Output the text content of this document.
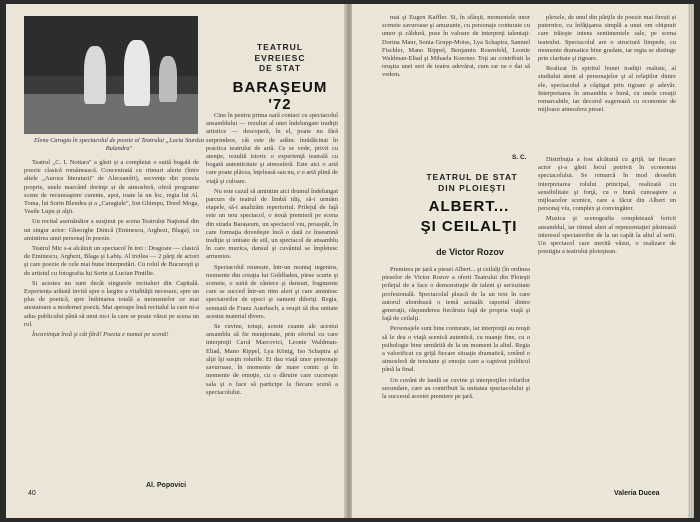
Elena Caragiu în spectacolul de poezie al Teatrului „Lucia Sturdza Bulandra"
TEATRUL
EVREIESC
DE STAT
BARAŞEUM '72

Teatrul „C. I. Nottara" a găsit și a completat o suită bogată de poezie clasică românească. Concentrată cu ritmuri alerte (între altele „Aurora literaturii" de Alecsandri), secvențe din poezia proprie, unele marcând dorinţe și de atmosferă, oferă programe scene de recunoaştere curente, apoi, toate la un loc, regia lui Al. Toma, lui Sorin Blendea și a „Caragiale", Ion Ghimpu, Dorel Moga, Vasile Lupu și alţii.

Un recital asemănător a susţinut pe scena Teatrului Naţional din un singur actor: Gheorghe Dinică (Eminescu, Arghezi, Blaga), cu amintirea unui personaj în poezie.

Teatrul Mic s-a alcătuit un spectacol în trei : Dragoste — clasică de Eminescu, Arghezi, Blaga şi Labiș. Al treilea — 2 părţi de actori şi care poezie de cele mai bune interpretări. Cu rolul de Bucureşti şi de artistul cu fotografia lui Sorin și Lucian Pintilie.

Si acestea nu sunt decât singurele recitaluri din Capitală. Experiența arătată invită spre o largire a vitalităţii necesare, spre un plus de poetică, spre îmbinarea totală a momentelor ce mai atestatoare a modernei poezii. Mai aproape însă recitalul la care ni-a adus publicului până să unui nu-i la care se poate văzut pe scena un rol.

Încuviinţat însă şi cât fără! Poezia e numai pe scenă!

Al. Popovici

Cine în pentru prima oară contact cu spectacolul ansamblului — rezultat al unei îndelungate tradiţii artistice — descoperă, în el, poate nu fără surprindere, cât este de adânc înrădăcinat în practica teatrului de artă. Ce se vede, privit cu atenţie, rezultă istoric o experienţă teatrală cu bogată autenticitate şi atmosferă. Este aici o artă care poate plăcea, înţeleasă sau nu, e o artă plină de viaţă şi culoare.

Nu este cazul să amintim aici drumul îndelungat parcurs de teatrul de limbă idiş, să-i urmăm etapele, să-i analizăm repertoriul. Prilejul de faţă este un nou spectacol, o nouă premieră pe scena din strada Barașeum, un spectacol viu, proaspăt, în care formaţia dovedeşte încă o dată ce înseamnă tradiţie și unitate de stil, un spectacol de ansamblu în care muzica, dansul şi cuvântul se împletesc armonios.

Spectacolul reunește, într-un montaj ingenios, momente din creaţia lui Goldfaden, piese scurte şi scenete, o suită de cântece şi dansuri, fragmente care se succed într-un ritm alert şi care amintesc spectatorilor de epoci şi oameni diferiţi. Regia, semnată de Franz Auerbach, a reuşit să dea unitate acestui material divers.

Se cuvine, totuşi, aceste cuante ale acestui ansamblu să fie menţionate, prin efortul cu care interpreţii Carol Marcovici, Leonie Waldman-Eliad, Mano Rippel, Lya König, Iso Schapira şi alţii îşi susţin rolurile. Ei dau viaţă unor personaje savuroase, în momente de mare comic şi în momente de emoţie, cu o dăruire care cucereşte sala şi o face să participe la fiecare scenă a spectacolului.

40

mai şi Eugen Kaffler. Si, în sfârşit, momentele unor scenete savuroase şi amuzante, cu personaje conturate cu umor şi căldură, puse în valoare de interpreţi talentaţi: Dorina Maur, Sonia Grupp-Moiss, Lya Schapira, Samuel Fischler, Mano Rippel, Benjamin Rosenfeld, Leonie Waldman-Eliad şi Mihaela Koerner. Toţi au contribuit la reuşita unei seri de teatru adevărat, cum rar ne e dat să vedem.

S. C.
TEATRUL DE STAT
DIN PLOIEŞTI
ALBERT...
ŞI CEILALŢI
de Victor Rozov

Premiera pe țară a piesei Albert... şi ceilalţi (în ordinea pieselor de Victor Rozov a oferit Teatrului din Ploieşti prilejul de a face o demonstraţie de talent şi seriozitate profesională. Spectacolul pleacă de la un text în care autorul abordează o temă actuală: raportul dintre generaţii, răspunderea fiecăruia faţă de propria viaţă şi faţă de ceilalţi.

Personajele sunt bine conturate, iar interpreţii au reuşit să le dea o viaţă scenică autentică, cu nuanţe fine, cu o psihologie bine urmărită de la un moment la altul. Regia a valorificat cu grijă fiecare situaţie dramatică, creând o atmosferă de tensiune şi emoţie care a captivat publicul până la final.

Un cuvânt de laudă se cuvine şi interpreţilor rolurilor secundare, care au contribuit la unitatea spectacolului şi la succesul acestei premiere pe ţară.

plexele, de unul din părţile de poezie mai firești și puternice, cu înfăţişarea simplă a unui om obişnuit care trăieşte intens sentimentele sale, pe scena teatrului. Spectacolul are o structură limpede, cu momente dramatice bine gradate, iar regia se distinge prin claritate şi rigoare.

Realizat în spiritul bunei tradiţii realiste, al studiului atent al personajelor şi al relaţiilor dintre ele, spectacolul a câştigat prin rigoare şi adevăr. Interpretarea în ansamblu e bună, cu unele creaţii remarcabile, iar decorul sugerează cu economie de mijloace atmosfera piesei.

Distribuţia a fost alcătuită cu grijă, iar fiecare actor şi-a găsit locul potrivit în economia spectacolului. Se remarcă în mod deosebit interpretarea rolului principal, realizată cu sensibilitate şi forţă, cu o bună cunoaştere a mijloacelor scenice, care a făcut din Albert un personaj viu, complex şi convingător.

Muzica şi scenografia completează fericit ansamblul, iar ritmul alert al reprezentaţiei păstrează interesul spectatorilor de la un capăt la altul al serii. Un spectacol care merită văzut, o realizare de prestigiu a teatrului ploieştean.

Valeria Ducea
